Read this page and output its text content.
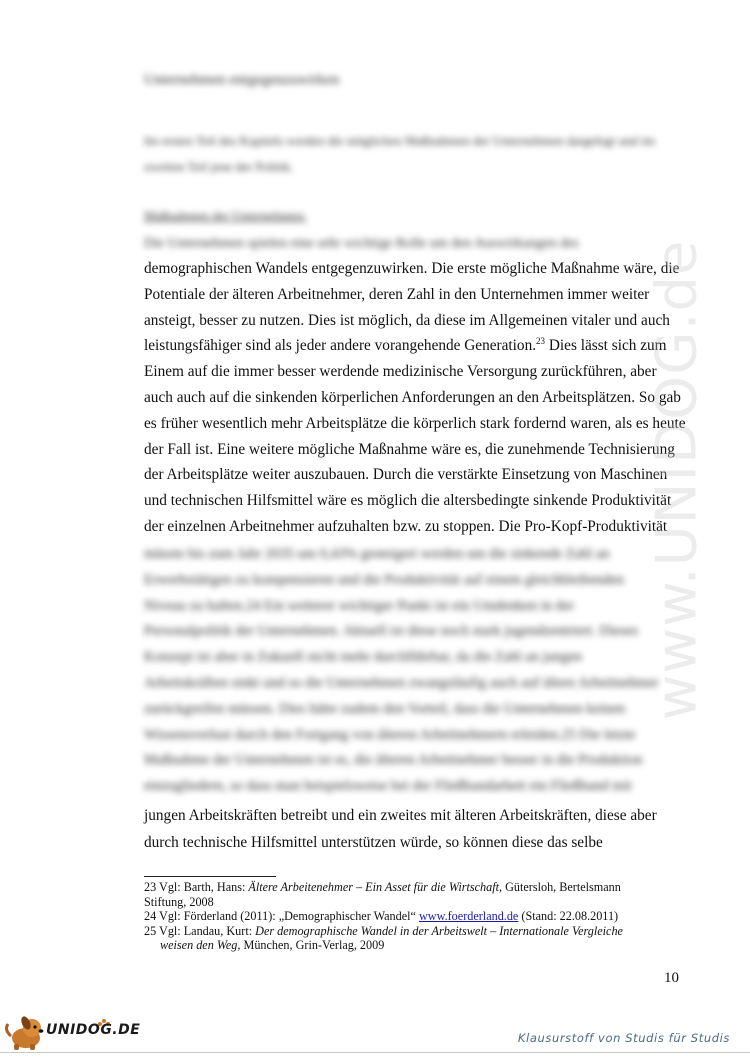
Unternehmen entgegenzuwirken
Im ersten Teil des Kapitels werden die möglichen Maßnahmen der Unternehmen dargelegt und im zweiten Teil jene der Politik.
Maßnahmen der Unternehmen:
Die Unternehmen spielen eine sehr wichtige Rolle um den Auswirkungen des
demographischen Wandels entgegenzuwirken. Die erste mögliche Maßnahme wäre, die
Potentiale der älteren Arbeitnehmer, deren Zahl in den Unternehmen immer weiter
ansteigt, besser zu nutzen. Dies ist möglich, da diese im Allgemeinen vitaler und auch
leistungsfähiger sind als jeder andere vorangehende Generation.$^{23}$ Dies lässt sich zum
Einem auf die immer besser werdende medizinische Versorgung zurückführen, aber
auch auch auf die sinkenden körperlichen Anforderungen an den Arbeitsplätzen. So gab
es früher wesentlich mehr Arbeitsplätze die körperlich stark fordernd waren, als es heute
der Fall ist. Eine weitere mögliche Maßnahme wäre es, die zunehmende Technisierung
der Arbeitsplätze weiter auszubauen. Durch die verstärkte Einsetzung von Maschinen
und technischen Hilfsmittel wäre es möglich die altersbedingte sinkende Produktivität
der einzelnen Arbeitnehmer aufzuhalten bzw. zu stoppen. Die Pro-Kopf-Produktivität
müsste bis zum Jahr 2035 um 0,43% gesteigert werden um die sinkende Zahl an
Erwerbstätigen zu kompensieren und die Produktivität auf einem gleichbleibenden
Niveau zu halten.24 Ein weiterer wichtiger Punkt ist ein Umdenken in der
Personalpolitik der Unternehmen. Aktuell ist diese noch stark jugendzentriert. Dieses
Konzept ist aber in Zukunft nicht mehr durchführbar, da die Zahl an jungen
Arbeitskräften sinkt und so die Unternehmen zwangsläufig auch auf ältere Arbeitnehmer
zurückgreifen müssen. Dies hätte zudem den Vorteil, dass die Unternehmen keinen
Wissensverlust durch den Fortgang von älteren Arbeitnehmern erleiden.25 Die letzte
Maßnahme der Unternehmen ist es, die älteren Arbeitnehmer besser in die Produktion
einzugliedern, so dass man beispielsweise bei der Fließbandarbeit ein Fließband mit
jungen Arbeitskräften betreibt und ein zweites mit älteren Arbeitskräften, diese aber
durch technische Hilfsmittel unterstützen würde, so können diese das selbe
23 Vgl: Barth, Hans: Ältere Arbeitenehmer – Ein Asset für die Wirtschaft, Gütersloh, Bertelsmann
Stiftung, 2008
24 Vgl: Förderland (2011): „Demographischer Wandel“ www.foerderland.de (Stand: 22.08.2011)
25 Vgl: Landau, Kurt: Der demographische Wandel in der Arbeitswelt – Internationale Vergleiche
weisen den Weg, München, Grin-Verlag, 2009
10
www.UNIDOG.de
UNIDOG.DE	Klausurstoff von Studis für Studis
